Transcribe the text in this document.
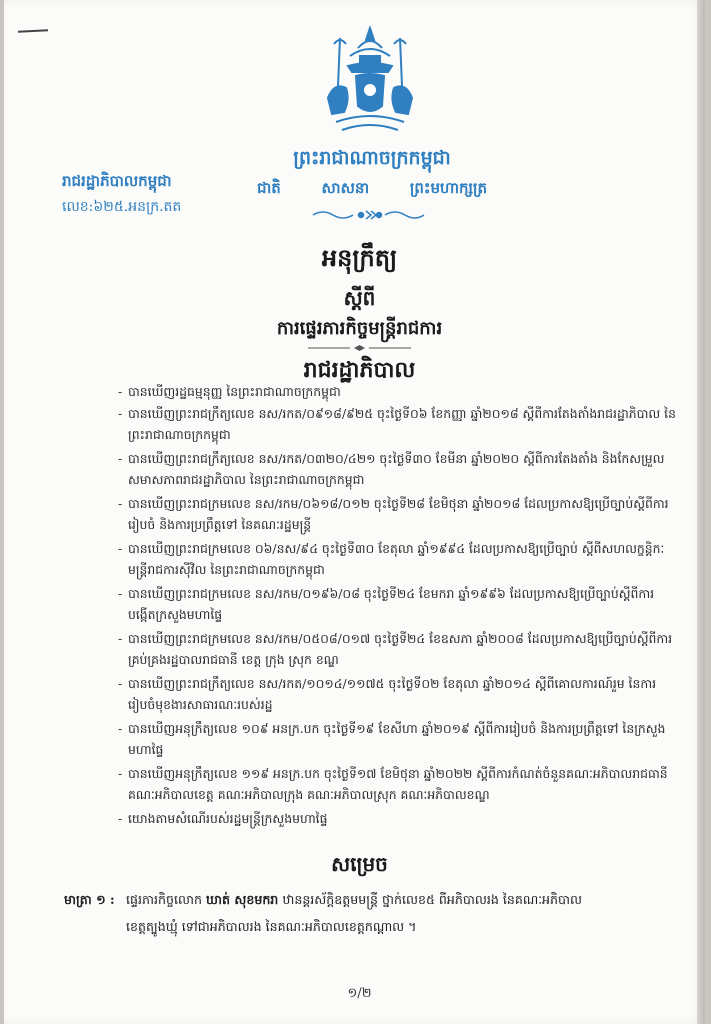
ព្រះរាជាណាចក្រកម្ពុជា
ជាតិ	សាសនា	ព្រះមហាក្សត្រ
រាជរដ្ឋាភិបាលកម្ពុជា
លេខ:៦២៥.អនក្រ.តត
អនុក្រឹត្យ
ស្តីពី
ការផ្ទេរភារកិច្ចមន្ត្រីរាជការ
រាជរដ្ឋាភិបាល
- បានឃើញរដ្ឋធម្មនុញ្ញ នៃព្រះរាជាណាចក្រកម្ពុជា
- បានឃើញព្រះរាជក្រឹត្យលេខ នស/រកត/០៩១៨/៩២៥ ចុះថ្ងៃទី០៦ ខែកញ្ញា ឆ្នាំ២០១៨ ស្តីពីការតែងតាំងរាជរដ្ឋាភិបាល នៃព្រះរាជាណាចក្រកម្ពុជា
- បានឃើញព្រះរាជក្រឹត្យលេខ នស/រកត/០៣២០/៤២១ ចុះថ្ងៃទី៣០ ខែមីនា ឆ្នាំ២០២០ ស្តីពីការតែងតាំង និងកែសម្រួលសមាសភាពរាជរដ្ឋាភិបាល នៃព្រះរាជាណាចក្រកម្ពុជា
- បានឃើញព្រះរាជក្រមលេខ នស/រកម/០៦១៨/០១២ ចុះថ្ងៃទី២៨ ខែមិថុនា ឆ្នាំ២០១៨ ដែលប្រកាសឱ្យប្រើច្បាប់ស្តីពីការរៀបចំ និងការប្រព្រឹត្តទៅ នៃគណៈរដ្ឋមន្ត្រី
- បានឃើញព្រះរាជក្រមលេខ ០៦/នស/៩៤ ចុះថ្ងៃទី៣០ ខែតុលា ឆ្នាំ១៩៩៤ ដែលប្រកាសឱ្យប្រើច្បាប់ ស្តីពីសហលក្ខន្តិកៈមន្ត្រីរាជការស៊ីវិល នៃព្រះរាជាណាចក្រកម្ពុជា
- បានឃើញព្រះរាជក្រមលេខ នស/រកម/០១៩៦/០៨ ចុះថ្ងៃទី២៤ ខែមករា ឆ្នាំ១៩៩៦ ដែលប្រកាសឱ្យប្រើច្បាប់ស្តីពីការបង្កើតក្រសួងមហាផ្ទៃ
- បានឃើញព្រះរាជក្រមលេខ នស/រកម/០៥០៨/០១៧ ចុះថ្ងៃទី២៤ ខែឧសភា ឆ្នាំ២០០៨ ដែលប្រកាសឱ្យប្រើច្បាប់ស្តីពីការគ្រប់គ្រងរដ្ឋបាលរាជធានី ខេត្ត ក្រុង ស្រុក ខណ្ឌ
- បានឃើញព្រះរាជក្រឹត្យលេខ នស/រកត/១០១៤/១១៧៥ ចុះថ្ងៃទី០២ ខែតុលា ឆ្នាំ២០១៤ ស្តីពីគោលការណ៍រួម នៃការរៀបចំមុខងារសាធារណៈរបស់រដ្ឋ
- បានឃើញអនុក្រឹត្យលេខ ១០៩ អនក្រ.បក ចុះថ្ងៃទី១៩ ខែសីហា ឆ្នាំ២០១៩ ស្តីពីការរៀបចំ និងការប្រព្រឹត្តទៅ នៃក្រសួងមហាផ្ទៃ
- បានឃើញអនុក្រឹត្យលេខ ១១៩ អនក្រ.បក ចុះថ្ងៃទី១៧ ខែមិថុនា ឆ្នាំ២០២២ ស្តីពីការកំណត់ចំនួនគណៈអភិបាលរាជធានី គណៈអភិបាលខេត្ត គណៈអភិបាលក្រុង គណៈអភិបាលស្រុក គណៈអភិបាលខណ្ឌ
- យោងតាមសំណើរបស់រដ្ឋមន្ត្រីក្រសួងមហាផ្ទៃ
សម្រេច
មាត្រា ១ : ផ្ទេរភារកិច្ចលោក ឃាត់ សុខមករា ឋានន្តរស័ក្តិឧត្តមមន្ត្រី ថ្នាក់លេខ៥ ពីអភិបាលរង នៃគណៈអភិបាល
ខេត្តត្បូងឃ្មុំ ទៅជាអភិបាលរង នៃគណៈអភិបាលខេត្តកណ្តាល ។
១/២
